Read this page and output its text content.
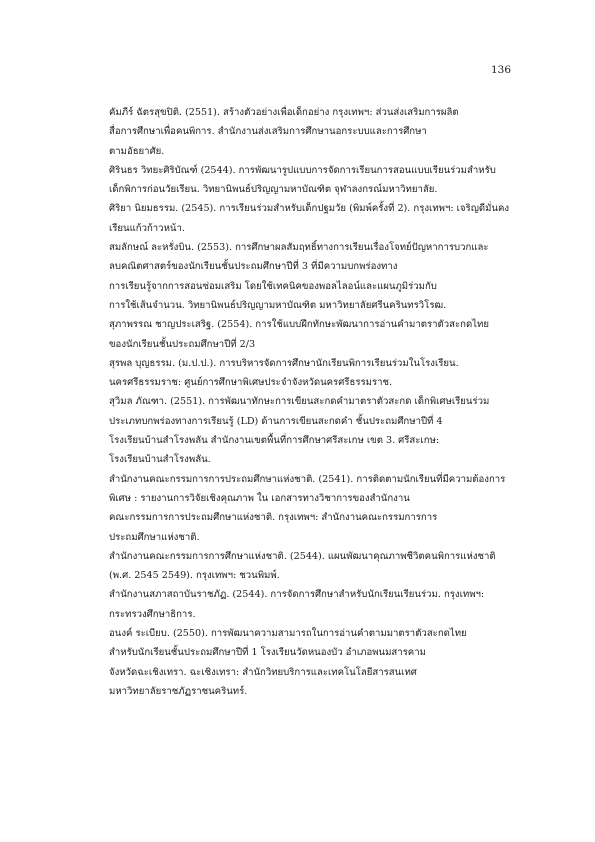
136

คัมภีร์ ฉัตรสุขปิติ. (2551). สร้างตัวอย่างเพื่อเด็กอย่าง กรุงเทพฯ: ส่วนส่งเสริมการผลิต
สื่อการศึกษาเพื่อคนพิการ. สำนักงานส่งเสริมการศึกษานอกระบบและการศึกษา
ตามอัธยาศัย.

ศิรินธร วิทยะศิริบัณฑ์ (2544). การพัฒนารูปแบบการจัดการเรียนการสอนแบบเรียนร่วมสำหรับ
เด็กพิการก่อนวัยเรียน. วิทยานิพนธ์ปริญญามหาบัณฑิต จุฬาลงกรณ์มหาวิทยาลัย.

ศิริยา นิยมธรรม. (2545). การเรียนร่วมสำหรับเด็กปฐมวัย (พิมพ์ครั้งที่ 2). กรุงเทพฯ: เจริญดีมั่นคง
เรียนแก้วก้าวหน้า.

สมลักษณ์ ละหรั่งบิน. (2553). การศึกษาผลสัมฤทธิ์ทางการเรียนเรื่องโจทย์ปัญหาการบวกและ
ลบคณิตศาสตร์ของนักเรียนชั้นประถมศึกษาปีที่ 3 ที่มีความบกพร่องทาง
การเรียนรู้จากการสอนซ่อมเสริม โดยใช้เทคนิคของพอลไลอน์และแผนภูมิร่วมกับ
การใช้เส้นจำนวน. วิทยานิพนธ์ปริญญามหาบัณฑิต มหาวิทยาลัยศรีนครินทรวิโรฒ.

สุภาพรรณ ชาญประเสริฐ. (2554). การใช้แบบฝึกทักษะพัฒนาการอ่านคำมาตราตัวสะกดไทย
ของนักเรียนชั้นประถมศึกษาปีที่ 2/3

สุรพล บุญธรรม. (ม.ป.ป.). การบริหารจัดการศึกษานักเรียนพิการเรียนร่วมในโรงเรียน.
นครศรีธรรมราช: ศูนย์การศึกษาพิเศษประจำจังหวัดนครศรีธรรมราช.

สุวิมล ภัณฑา. (2551). การพัฒนาทักษะการเขียนสะกดคำมาตราตัวสะกด เด็กพิเศษเรียนร่วม
ประเภทบกพร่องทางการเรียนรู้ (LD) ด้านการเขียนสะกดคำ ชั้นประถมศึกษาปีที่ 4
โรงเรียนบ้านสำโรงพลัน สำนักงานเขตพื้นที่การศึกษาศรีสะเกษ เขต 3. ศรีสะเกษ:
โรงเรียนบ้านสำโรงพลัน.

สำนักงานคณะกรรมการการประถมศึกษาแห่งชาติ. (2541). การติดตามนักเรียนที่มีความต้องการ
พิเศษ : รายงานการวิจัยเชิงคุณภาพ ใน เอกสารทางวิชาการของสำนักงาน
คณะกรรมการการประถมศึกษาแห่งชาติ. กรุงเทพฯ: สำนักงานคณะกรรมการการ
ประถมศึกษาแห่งชาติ.

สำนักงานคณะกรรมการการศึกษาแห่งชาติ. (2544). แผนพัฒนาคุณภาพชีวิตคนพิการแห่งชาติ
(พ.ศ. 2545 2549). กรุงเทพฯ: ชวนพิมพ์.

สำนักงานสภาสถาบันราชภัฏ. (2544). การจัดการศึกษาสำหรับนักเรียนเรียนร่วม. กรุงเทพฯ:
กระทรวงศึกษาธิการ.

อนงค์ ระเบียบ. (2550). การพัฒนาความสามารถในการอ่านคำตามมาตราตัวสะกดไทย
สำหรับนักเรียนชั้นประถมศึกษาปีที่ 1 โรงเรียนวัดหนองบัว อำเภอพนมสารคาม
จังหวัดฉะเชิงเทรา. ฉะเชิงเทรา: สำนักวิทยบริการและเทคโนโลยีสารสนเทศ
มหาวิทยาลัยราชภัฏราชนครินทร์.
